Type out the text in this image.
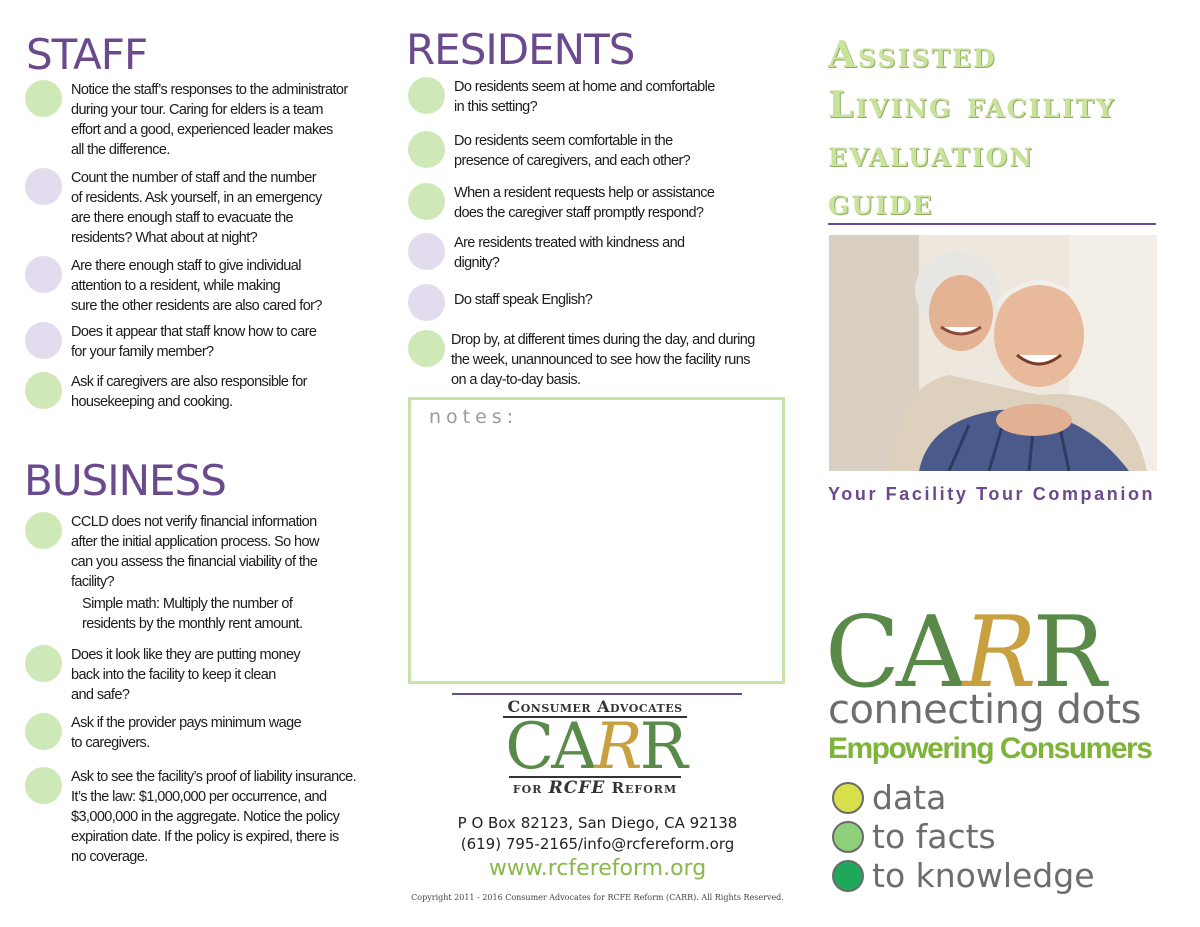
STAFF
Notice the staff’s responses to the administrator
during your tour. Caring for elders is a team
effort and a good, experienced leader makes
all the difference.
Count the number of staff and the number
of residents. Ask yourself, in an emergency
are there enough staff to evacuate the
residents? What about at night?
Are there enough staff to give individual
attention to a resident, while making
sure the other residents are also cared for?
Does it appear that staff know how to care
for your family member?
Ask if caregivers are also responsible for
housekeeping and cooking.
BUSINESS
CCLD does not verify financial information
after the initial application process. So how
can you assess the financial viability of the
facility?
Simple math: Multiply the number of
residents by the monthly rent amount.
Does it look like they are putting money
back into the facility to keep it clean
and safe?
Ask if the provider pays minimum wage
to caregivers.
Ask to see the facility’s proof of liability insurance.
It’s the law: $1,000,000 per occurrence, and
$3,000,000 in the aggregate. Notice the policy
expiration date. If the policy is expired, there is
no coverage.
RESIDENTS
Do residents seem at home and comfortable
in this setting?
Do residents seem comfortable in the
presence of caregivers, and each other?
When a resident requests help or assistance
does the caregiver staff promptly respond?
Are residents treated with kindness and
dignity?
Do staff speak English?
Drop by, at different times during the day, and during
the week, unannounced to see how the facility runs
on a day-to-day basis.
notes:
Consumer Advocates
CARR
for RCFE Reform
P O Box 82123, San Diego, CA 92138
(619) 795-2165/info@rcfereform.org
www.rcfereform.org
Copyright 2011 - 2016 Consumer Advocates for RCFE Reform (CARR). All Rights Reserved.
Assisted
Living facility
evaluation
guide
Your Facility Tour Companion
CARR
connecting dots
Empowering Consumers
data
to facts
to knowledge
